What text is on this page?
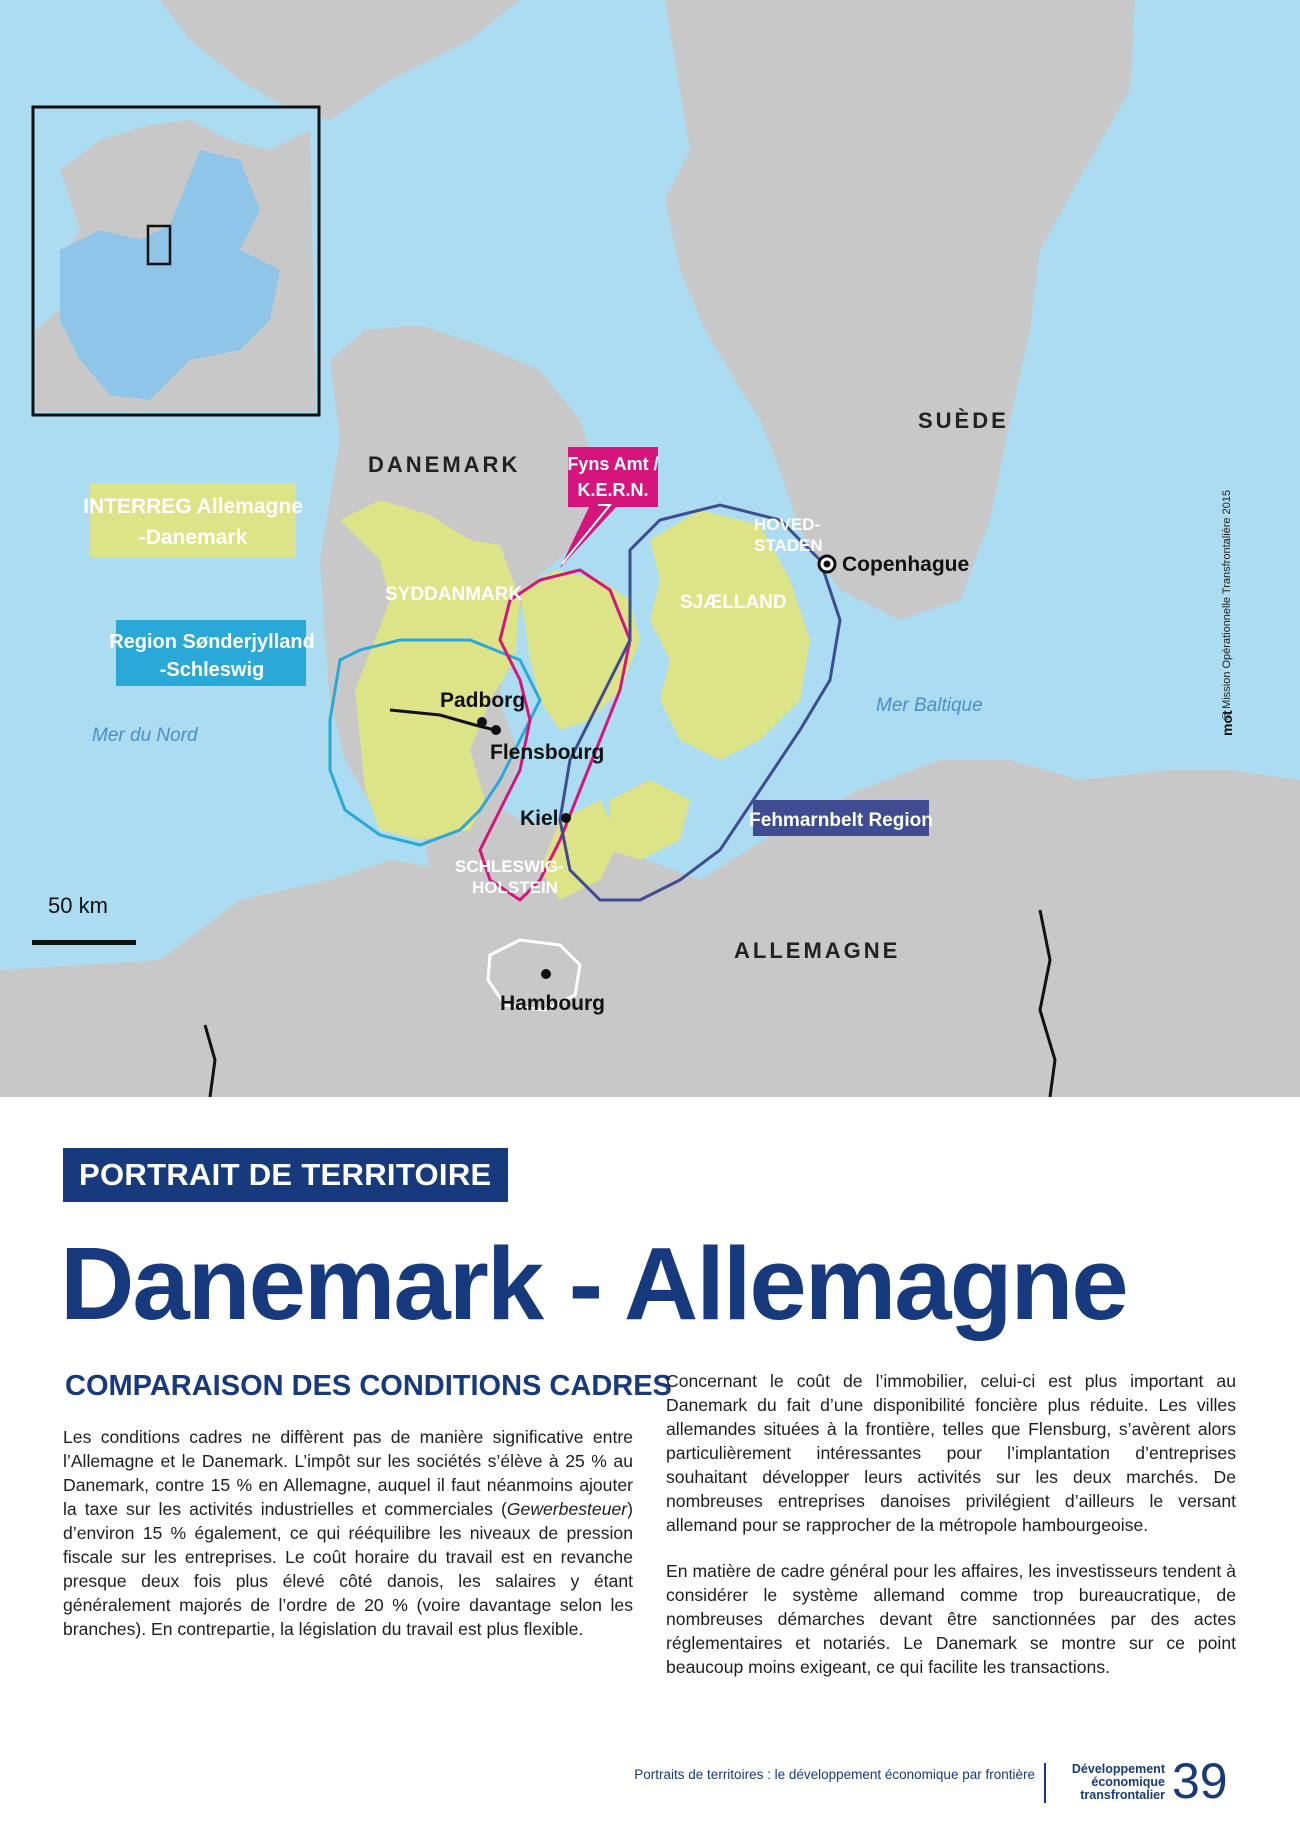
DANEMARK
SUÈDE
ALLEMAGNE
Mer du Nord
Mer Baltique
SYDDANMARK	SJÆLLAND
HOVED-
STADEN
SCHLESWIG-
HOLSTEIN
Copenhague
Padborg
Flensbourg
Kiel
Hambourg
INTERREG Allemagne
-Danemark
Region Sønderjylland
-Schleswig
Fyns Amt /
K.E.R.N.
Fehmarnbelt Region
50 km
© Mission Opérationnelle Transfrontalière 2015
mot
PORTRAIT DE TERRITOIRE
Danemark - Allemagne
COMPARAISON DES CONDITIONS CADRES

Les conditions cadres ne diffèrent pas de manière significative entre l’Allemagne et le Danemark. L’impôt sur les sociétés s’élève à 25 % au Danemark, contre 15 % en Allemagne, auquel il faut néanmoins ajouter la taxe sur les activités industrielles et commerciales (Gewerbesteuer) d’environ 15 % également, ce qui rééquilibre les niveaux de pression fiscale sur les entreprises. Le coût horaire du travail est en revanche presque deux fois plus élevé côté danois, les salaires y étant généralement majorés de l’ordre de 20 % (voire davantage selon les branches). En contrepartie, la législation du travail est plus flexible.

Concernant le coût de l’immobilier, celui-ci est plus important au Danemark du fait d’une disponibilité foncière plus réduite. Les villes allemandes situées à la frontière, telles que Flensburg, s’avèrent alors particulièrement intéressantes pour l’implantation d’entreprises souhaitant développer leurs activités sur les deux marchés. De nombreuses entreprises danoises privilégient d’ailleurs le versant allemand pour se rapprocher de la métropole hambourgeoise.

En matière de cadre général pour les affaires, les investisseurs tendent à considérer le système allemand comme trop bureaucratique, de nombreuses démarches devant être sanctionnées par des actes réglementaires et notariés. Le Danemark se montre sur ce point beaucoup moins exigeant, ce qui facilite les transactions.

Portraits de territoires : le développement économique par frontière	Développement
économique
transfrontalier 39
